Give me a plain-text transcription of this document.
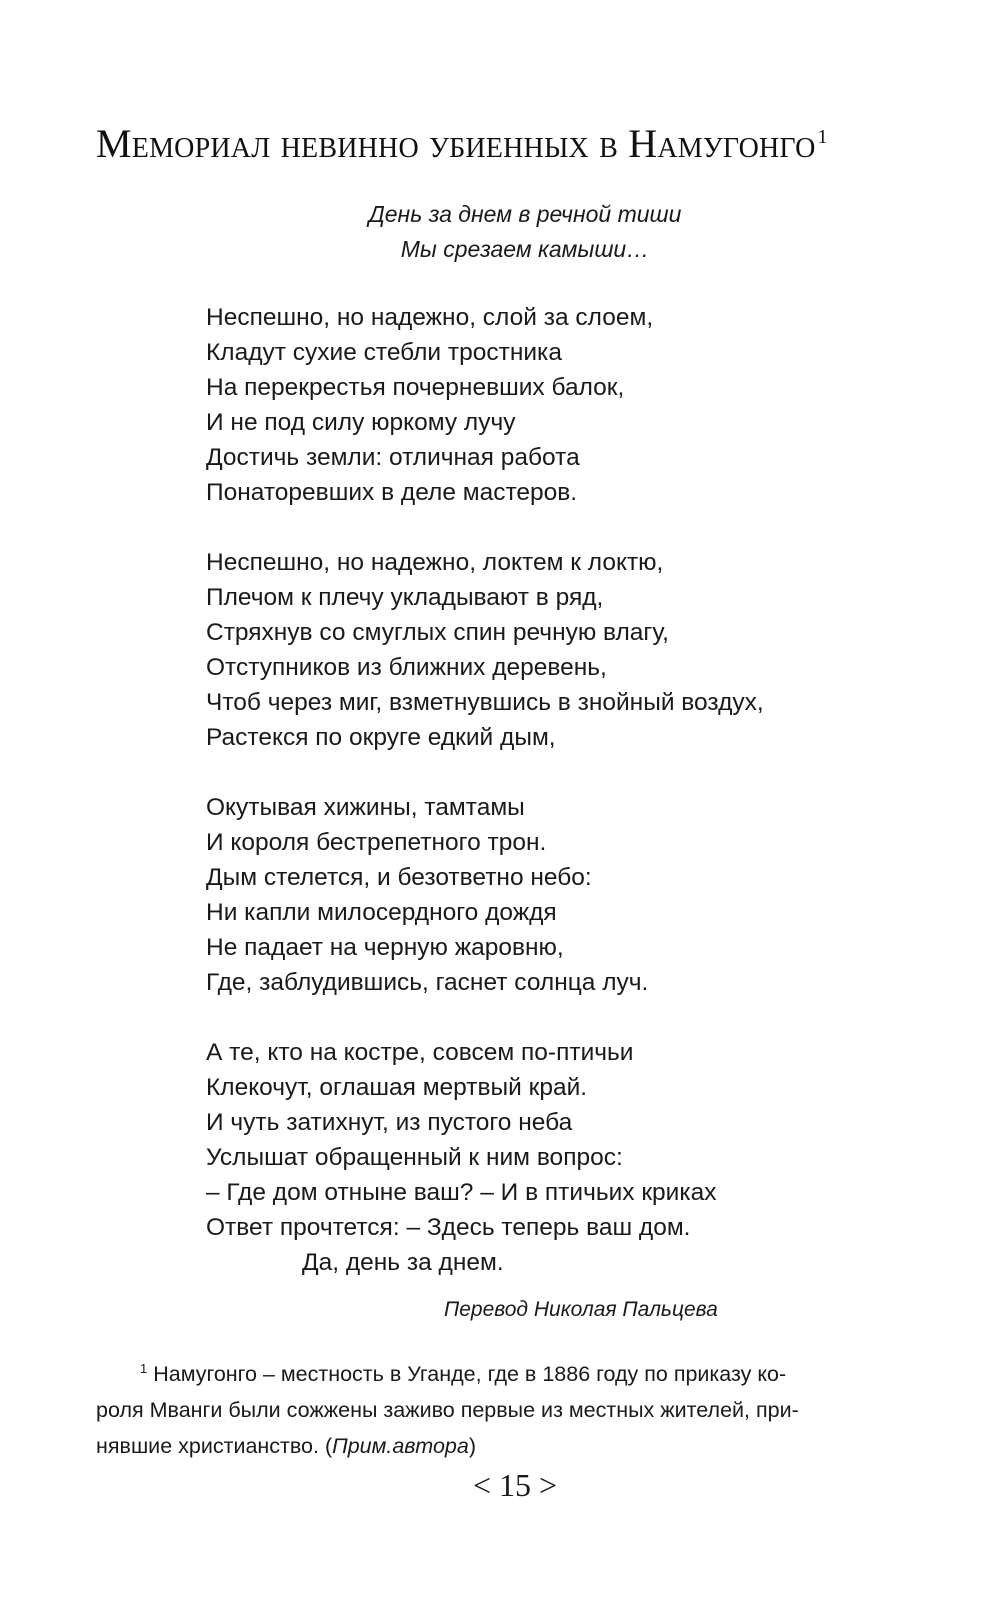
Мемориал невинно убиенных в Намугонго $^1$
День за днем в речной тиши
Мы срезаем камыши…
Неспешно, но надежно, слой за слоем,
Кладут сухие стебли тростника
На перекрестья почерневших балок,
И не под силу юркому лучу
Достичь земли: отличная работа
Понаторевших в деле мастеров.
Неспешно, но надежно, локтем к локтю,
Плечом к плечу укладывают в ряд,
Стряхнув со смуглых спин речную влагу,
Отступников из ближних деревень,
Чтоб через миг, взметнувшись в знойный воздух,
Растекся по округе едкий дым,
Окутывая хижины, тамтамы
И короля бестрепетного трон.
Дым стелется, и безответно небо:
Ни капли милосердного дождя
Не падает на черную жаровню,
Где, заблудившись, гаснет солнца луч.
А те, кто на костре, совсем по-птичьи
Клекочут, оглашая мертвый край.
И чуть затихнут, из пустого неба
Услышат обращенный к ним вопрос:
– Где дом отныне ваш? – И в птичьих криках
Ответ прочтется: – Здесь теперь ваш дом.
Да, день за днем.
Перевод Николая Пальцева
$^1$ Намугонго – местность в Уганде, где в 1886 году по приказу ко-
роля Мванги были сожжены заживо первые из местных жителей, при-
нявшие христианство. (Прим.автора)
< 15 >
